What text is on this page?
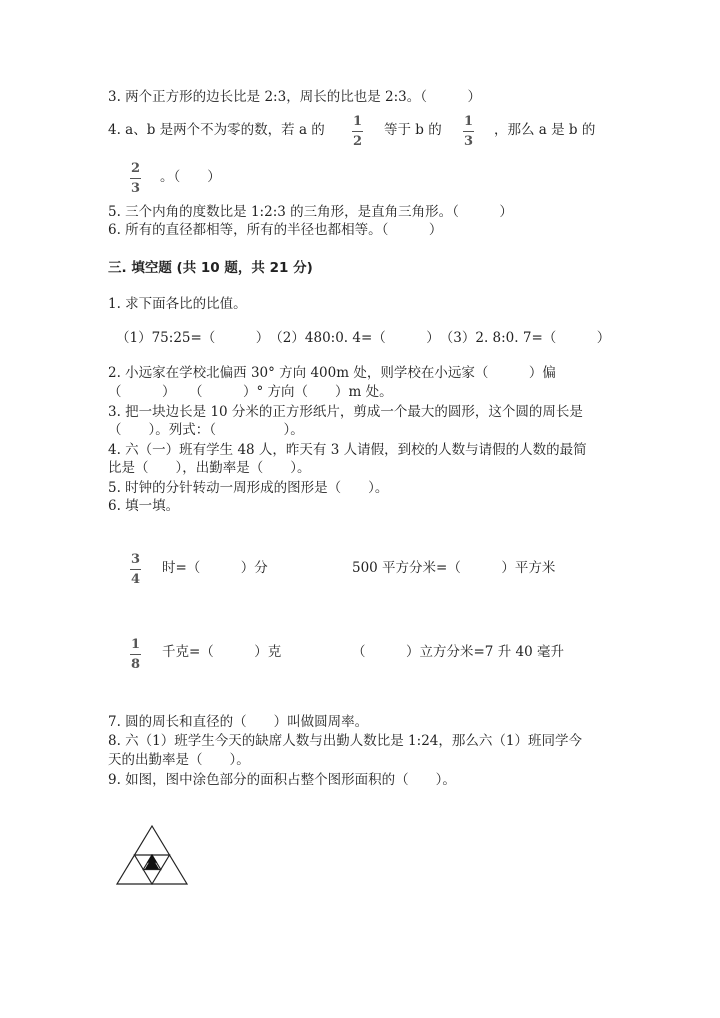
3. 两个正方形的边长比是 2:3，周长的比也是 2:3。（　　　）
4. a、b 是两个不为零的数，若 a 的
1
2
等于 b 的
1
3
，那么 a 是 b 的
2
3
。（　　）
5. 三个内角的度数比是 1:2:3 的三角形，是直角三角形。（　　　）
6. 所有的直径都相等，所有的半径也都相等。（　　　）
三. 填空题 (共 10 题，共 21 分)
1. 求下面各比的比值。
（1）75:25=（　　　）　（2）480:0. 4=（　　　）　（3）2. 8:0. 7=（　　　）
2. 小远家在学校北偏西 30° 方向 400m 处，则学校在小远家（　　　）偏
（　　　）　　（　　　）° 方向（　　）m 处。
3. 把一块边长是 10 分米的正方形纸片，剪成一个最大的圆形，这个圆的周长是
（　　）。列式：（　　　　　）。
4. 六（一）班有学生 48 人，昨天有 3 人请假，到校的人数与请假的人数的最简
比是（　　），出勤率是（　　）。
5. 时钟的分针转动一周形成的图形是（　　）。
6. 填一填。
3
4
时=（　　　）分	500 平方分米=（　　　）平方米
1
8
千克=（　　　）克	（　　　）立方分米=7 升 40 毫升
7. 圆的周长和直径的（　　）叫做圆周率。
8. 六（1）班学生今天的缺席人数与出勤人数比是 1:24，那么六（1）班同学今
天的出勤率是（　　）。
9. 如图，图中涂色部分的面积占整个图形面积的（　　）。
